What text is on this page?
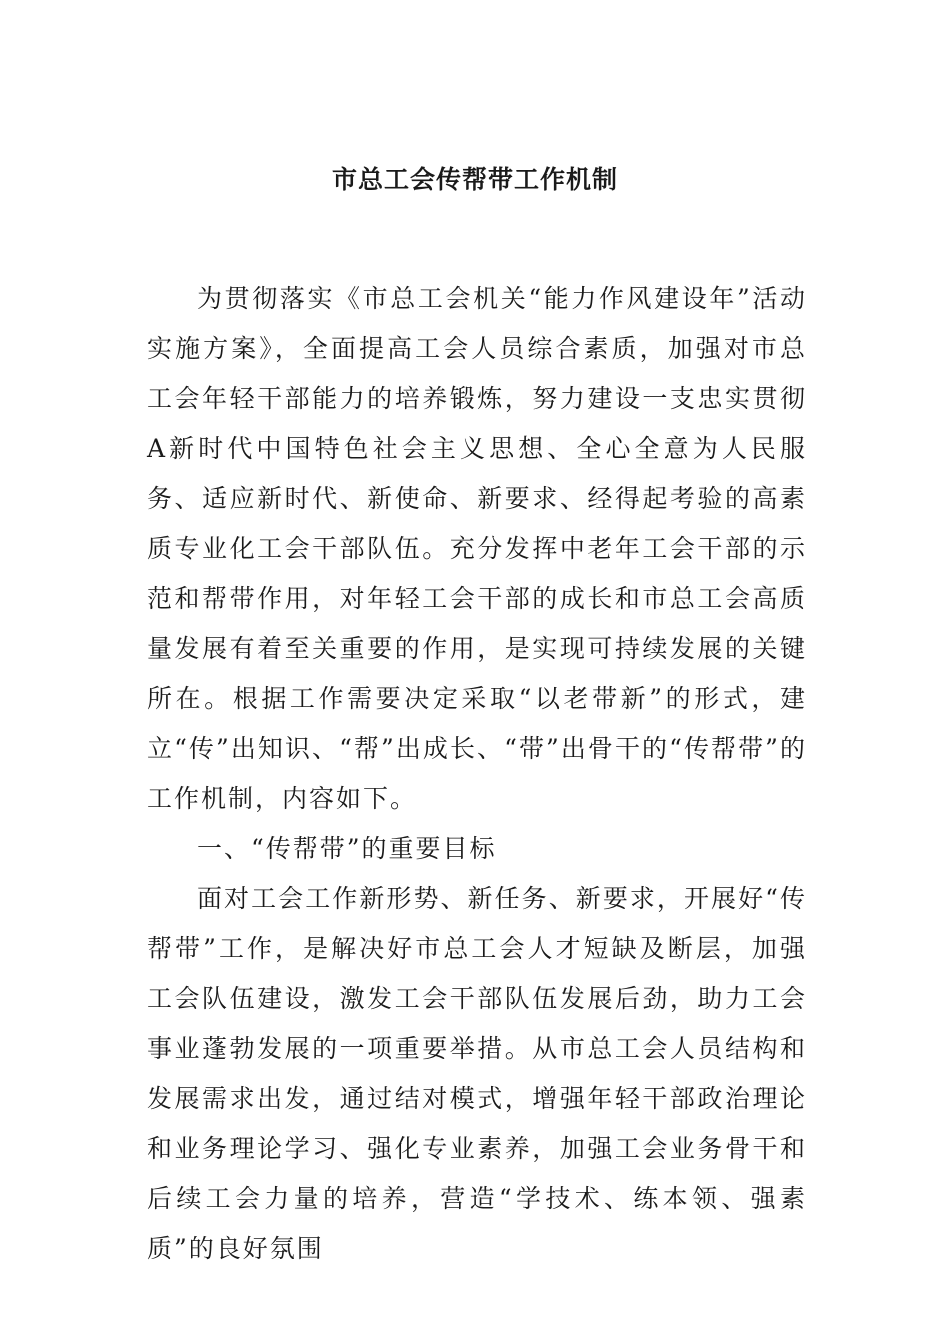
市总工会传帮带工作机制

为贯彻落实《市总工会机关“能力作风建设年”活动实施方案》，全面提高工会人员综合素质，加强对市总工会年轻干部能力的培养锻炼，努力建设一支忠实贯彻A新时代中国特色社会主义思想、全心全意为人民服务、适应新时代、新使命、新要求、经得起考验的高素质专业化工会干部队伍。充分发挥中老年工会干部的示范和帮带作用，对年轻工会干部的成长和市总工会高质量发展有着至关重要的作用，是实现可持续发展的关键所在。根据工作需要决定采取“以老带新”的形式，建立“传”出知识、“帮”出成长、“带”出骨干的“传帮带”的工作机制，内容如下。

一、“传帮带”的重要目标

面对工会工作新形势、新任务、新要求，开展好“传帮带”工作，是解决好市总工会人才短缺及断层，加强工会队伍建设，激发工会干部队伍发展后劲，助力工会事业蓬勃发展的一项重要举措。从市总工会人员结构和发展需求出发，通过结对模式，增强年轻干部政治理论和业务理论学习、强化专业素养，加强工会业务骨干和后续工会力量的培养，营造“学技术、练本领、强素质”的良好氛围
